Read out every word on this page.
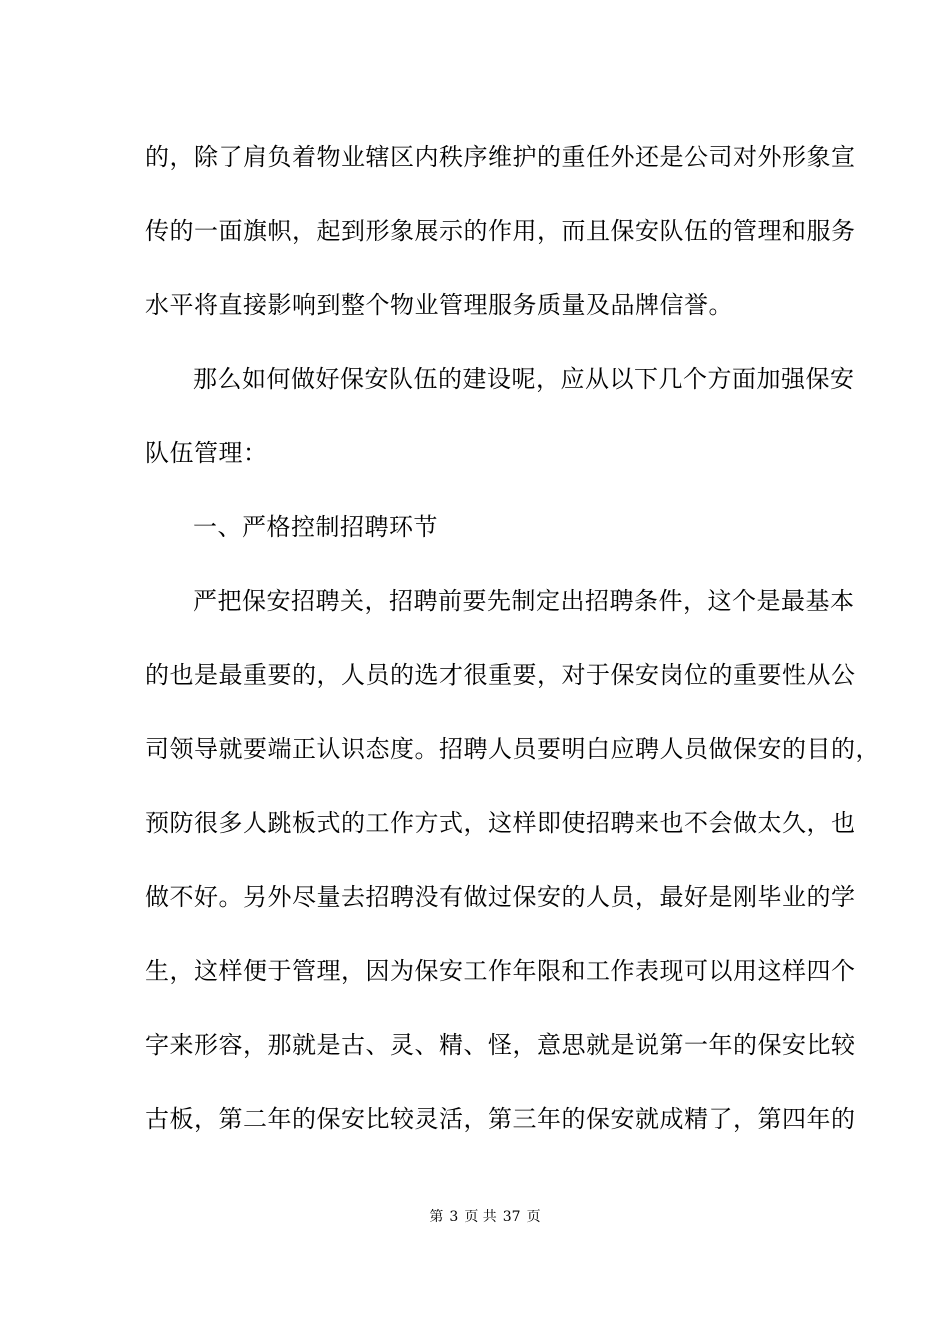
的，除了肩负着物业辖区内秩序维护的重任外还是公司对外形象宣
传的一面旗帜，起到形象展示的作用，而且保安队伍的管理和服务
水平将直接影响到整个物业管理服务质量及品牌信誉。
那么如何做好保安队伍的建设呢，应从以下几个方面加强保安
队伍管理：
一、严格控制招聘环节
严把保安招聘关，招聘前要先制定出招聘条件，这个是最基本
的也是最重要的，人员的选才很重要，对于保安岗位的重要性从公
司领导就要端正认识态度。招聘人员要明白应聘人员做保安的目的，
预防很多人跳板式的工作方式，这样即使招聘来也不会做太久，也
做不好。另外尽量去招聘没有做过保安的人员，最好是刚毕业的学
生，这样便于管理，因为保安工作年限和工作表现可以用这样四个
字来形容，那就是古、灵、精、怪，意思就是说第一年的保安比较
古板，第二年的保安比较灵活，第三年的保安就成精了，第四年的
第 3 页 共 37 页
